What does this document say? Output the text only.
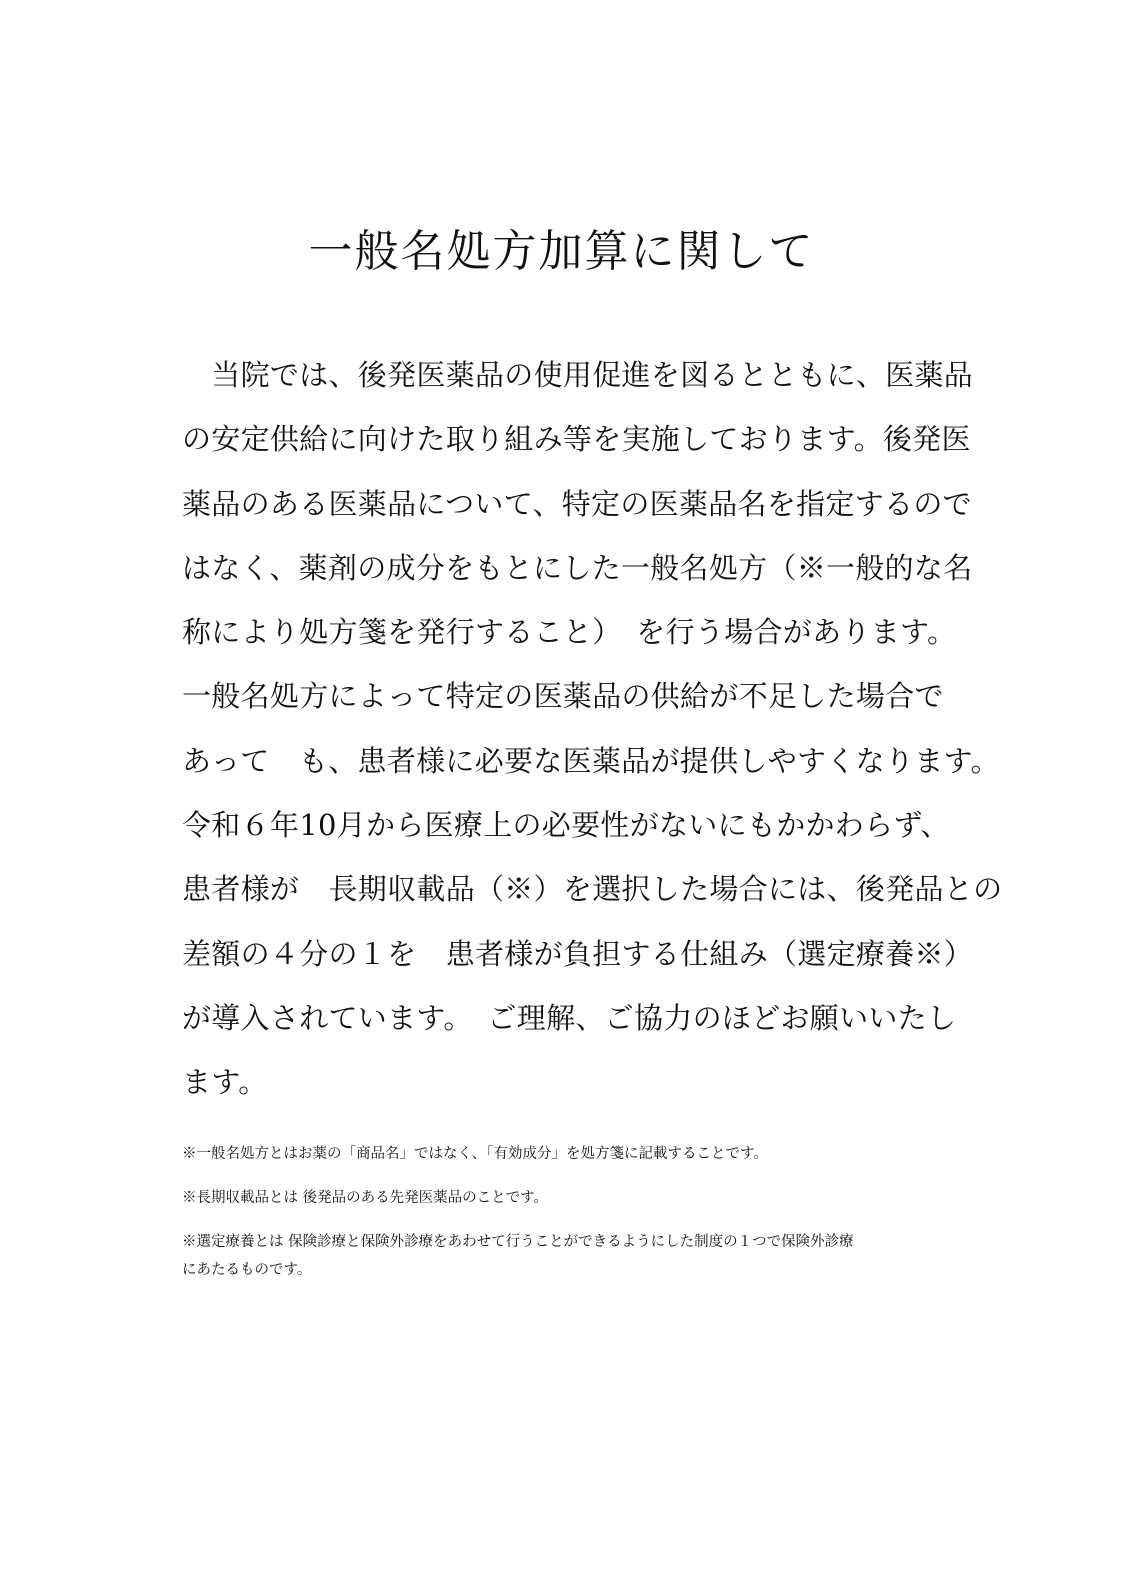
一般名処方加算に関して
　当院では、後発医薬品の使用促進を図るとともに、医薬品
の安定供給に向けた取り組み等を実施しております。後発医
薬品のある医薬品について、特定の医薬品名を指定するので
はなく、薬剤の成分をもとにした一般名処方（※一般的な名
称により処方箋を発行すること）　を行う場合があります。
一般名処方によって特定の医薬品の供給が不足した場合で
あって　も、患者様に必要な医薬品が提供しやすくなります。
令和６年10月から医療上の必要性がないにもかかわらず、
患者様が　長期収載品（※）を選択した場合には、後発品との
差額の４分の１を　患者様が負担する仕組み（選定療養※）
が導入されています。　ご理解、ご協力のほどお願いいたし
ます。
※一般名処方とはお薬の「商品名」ではなく、「有効成分」を処方箋に記載することです。
※長期収載品とは 後発品のある先発医薬品のことです。
※選定療養とは 保険診療と保険外診療をあわせて行うことができるようにした制度の１つで保険外診療
にあたるものです。
